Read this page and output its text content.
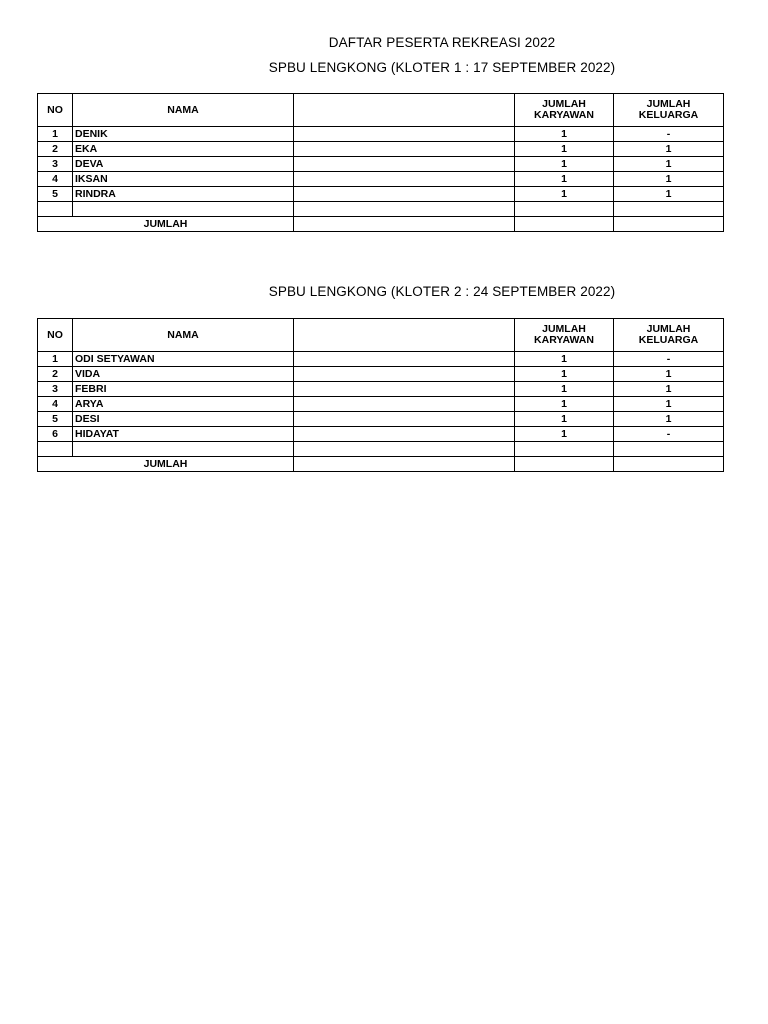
DAFTAR PESERTA REKREASI 2022
SPBU LENGKONG (KLOTER 1 : 17 SEPTEMBER 2022)
NO	NAMA		JUMLAH KARYAWAN	JUMLAH KELUARGA
1	DENIK		1	-
2	EKA		1	1
3	DEVA		1	1
4	IKSAN		1	1
5	RINDRA		1	1

JUMLAH				
SPBU LENGKONG (KLOTER 2 : 24 SEPTEMBER 2022)
NO	NAMA		JUMLAH KARYAWAN	JUMLAH KELUARGA
1	ODI SETYAWAN		1	-
2	VIDA		1	1
3	FEBRI		1	1
4	ARYA		1	1
5	DESI		1	1
6	HIDAYAT		1	-

JUMLAH				
